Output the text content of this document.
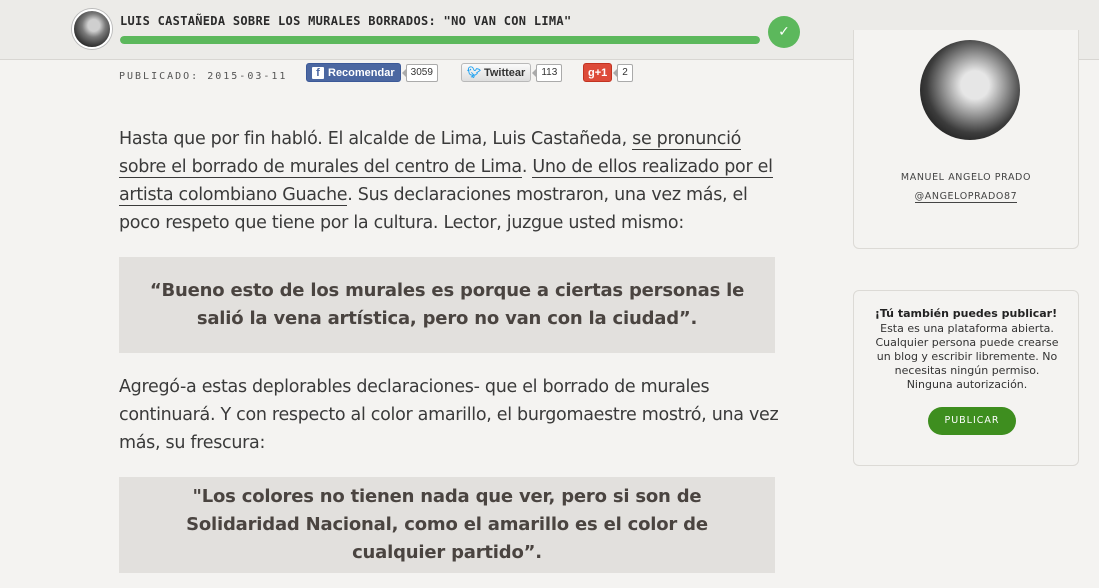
LUIS CASTAÑEDA SOBRE LOS MURALES BORRADOS: "NO VAN CON LIMA"
✓
PUBLICADO: 2015-03-11	f Recomendar	3059	🐦︎ Twittear	113	g +1	2
Hasta que por fin habló. El alcalde de Lima, Luis Castañeda, se pronunció sobre el borrado de murales del centro de Lima. Uno de ellos realizado por el artista colombiano Guache. Sus declaraciones mostraron, una vez más, el poco respeto que tiene por la cultura. Lector, juzgue usted mismo:
“Bueno esto de los murales es porque a ciertas personas le salió la vena artística, pero no van con la ciudad”.
Agregó-a estas deplorables declaraciones- que el borrado de murales continuará. Y con respecto al color amarillo, el burgomaestre mostró, una vez más, su frescura:
"Los colores no tienen nada que ver, pero si son de Solidaridad Nacional, como el amarillo es el color de cualquier partido”.
MANUEL ANGELO PRADO
@ANGELOPRADO87
¡Tú también puedes publicar!
Esta es una plataforma abierta. Cualquier persona puede crearse un blog y escribir libremente. No necesitas ningún permiso. Ninguna autorización.
PUBLICAR
